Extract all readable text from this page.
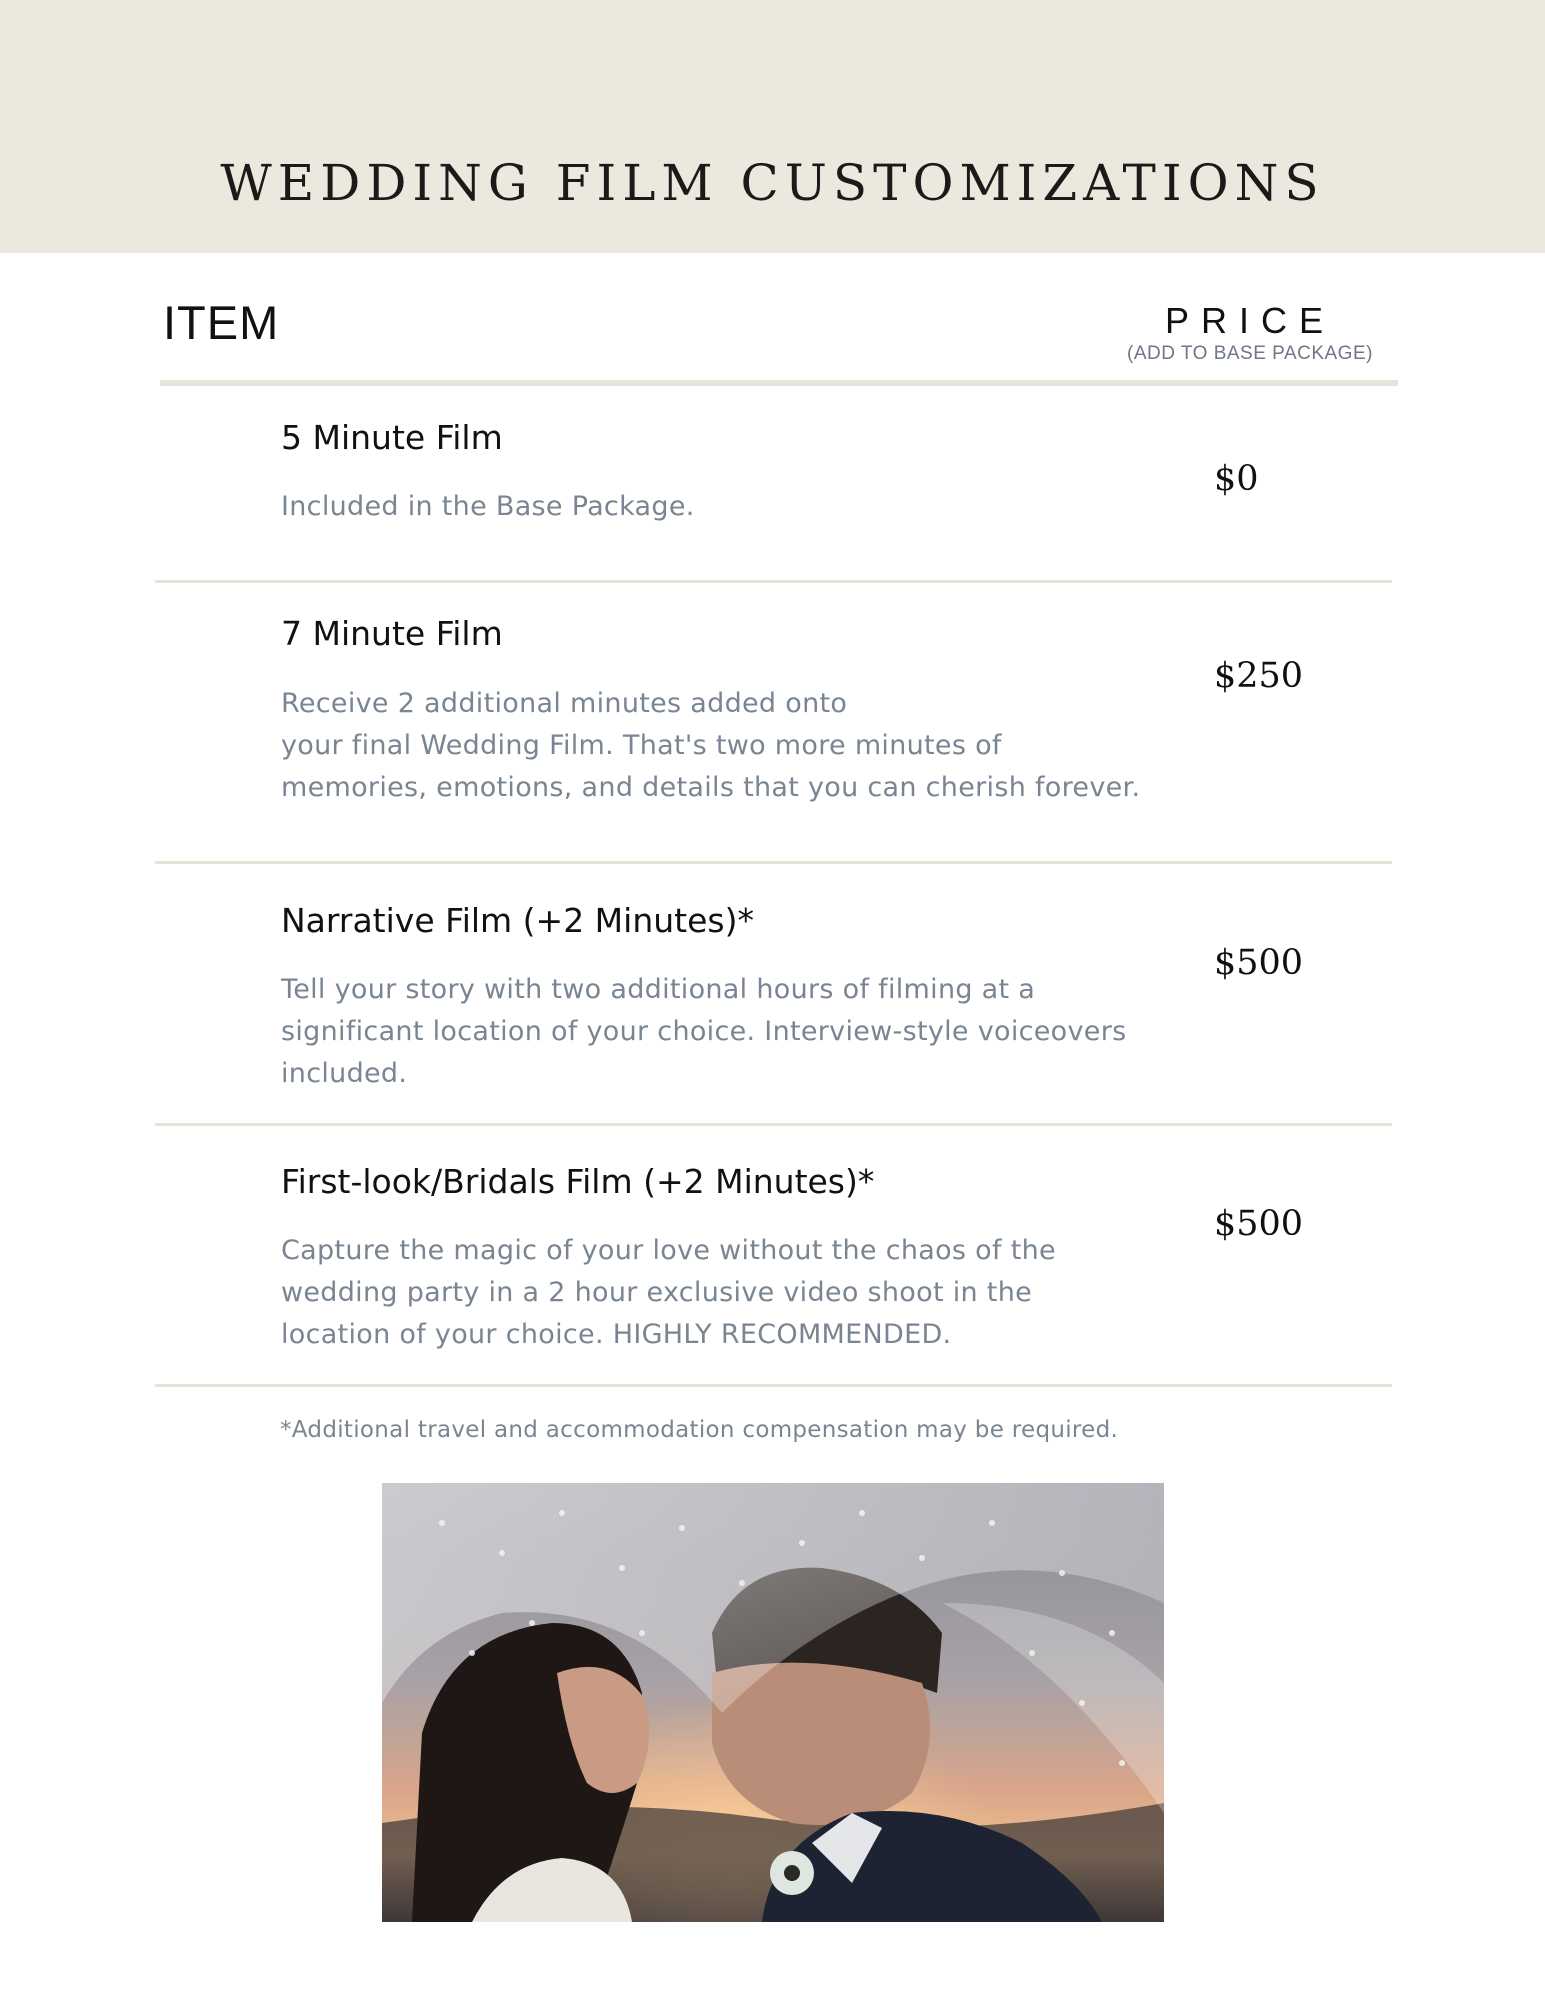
WEDDING FILM CUSTOMIZATIONS
ITEM	PRICE
(ADD TO BASE PACKAGE)
5 Minute Film
Included in the Base Package.
$0
7 Minute Film
Receive 2 additional minutes added onto
your final Wedding Film. That's two more minutes of
memories, emotions, and details that you can cherish forever.
$250
Narrative Film (+2 Minutes)*
Tell your story with two additional hours of filming at a
significant location of your choice. Interview-style voiceovers
included.
$500
First-look/Bridals Film (+2 Minutes)*
Capture the magic of your love without the chaos of the
wedding party in a 2 hour exclusive video shoot in the
location of your choice. HIGHLY RECOMMENDED.
$500
*Additional travel and accommodation compensation may be required.
